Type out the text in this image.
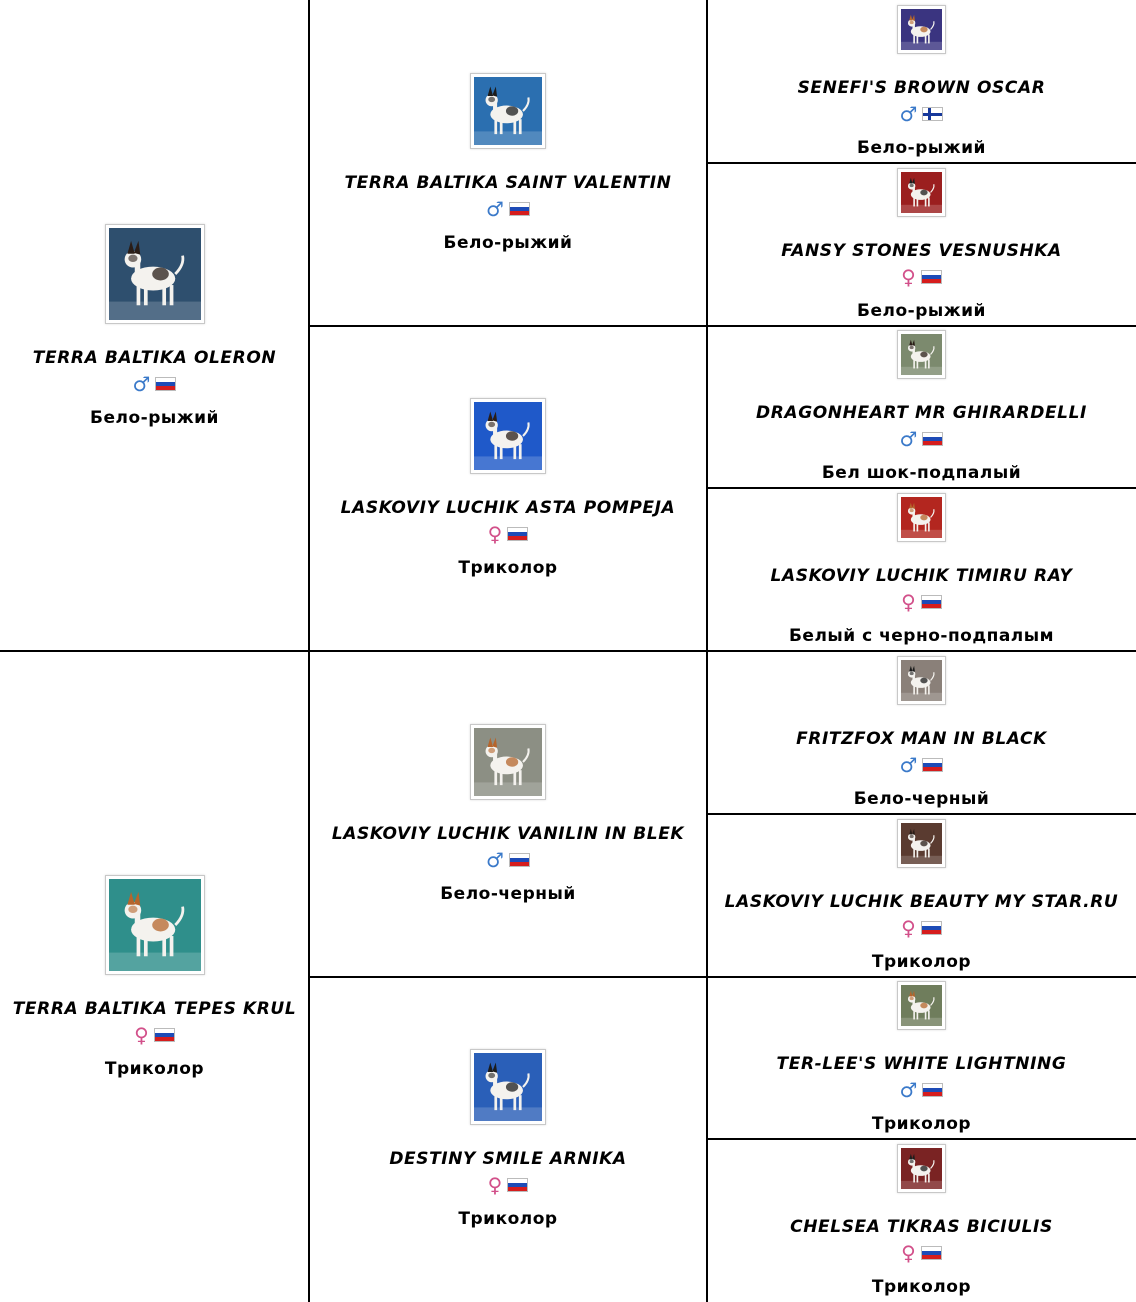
TERRA BALTIKA OLERON
♂
Бело-рыжий
TERRA BALTIKA TEPES KRUL
♀
Триколор
TERRA BALTIKA SAINT VALENTIN
♂
Бело-рыжий
LASKOVIY LUCHIK ASTA POMPEJA
♀
Триколор
LASKOVIY LUCHIK VANILIN IN BLEK
♂
Бело-черный
DESTINY SMILE ARNIKA
♀
Триколор
SENEFI'S BROWN OSCAR
♂
Бело-рыжий
FANSY STONES VESNUSHKA
♀
Бело-рыжий
DRAGONHEART MR GHIRARDELLI
♂
Бел шок-подпалый
LASKOVIY LUCHIK TIMIRU RAY
♀
Белый с черно-подпалым
FRITZFOX MAN IN BLACK
♂
Бело-черный
LASKOVIY LUCHIK BEAUTY MY STAR.RU
♀
Триколор
TER-LEE'S WHITE LIGHTNING
♂
Триколор
CHELSEA TIKRAS BICIULIS
♀
Триколор
